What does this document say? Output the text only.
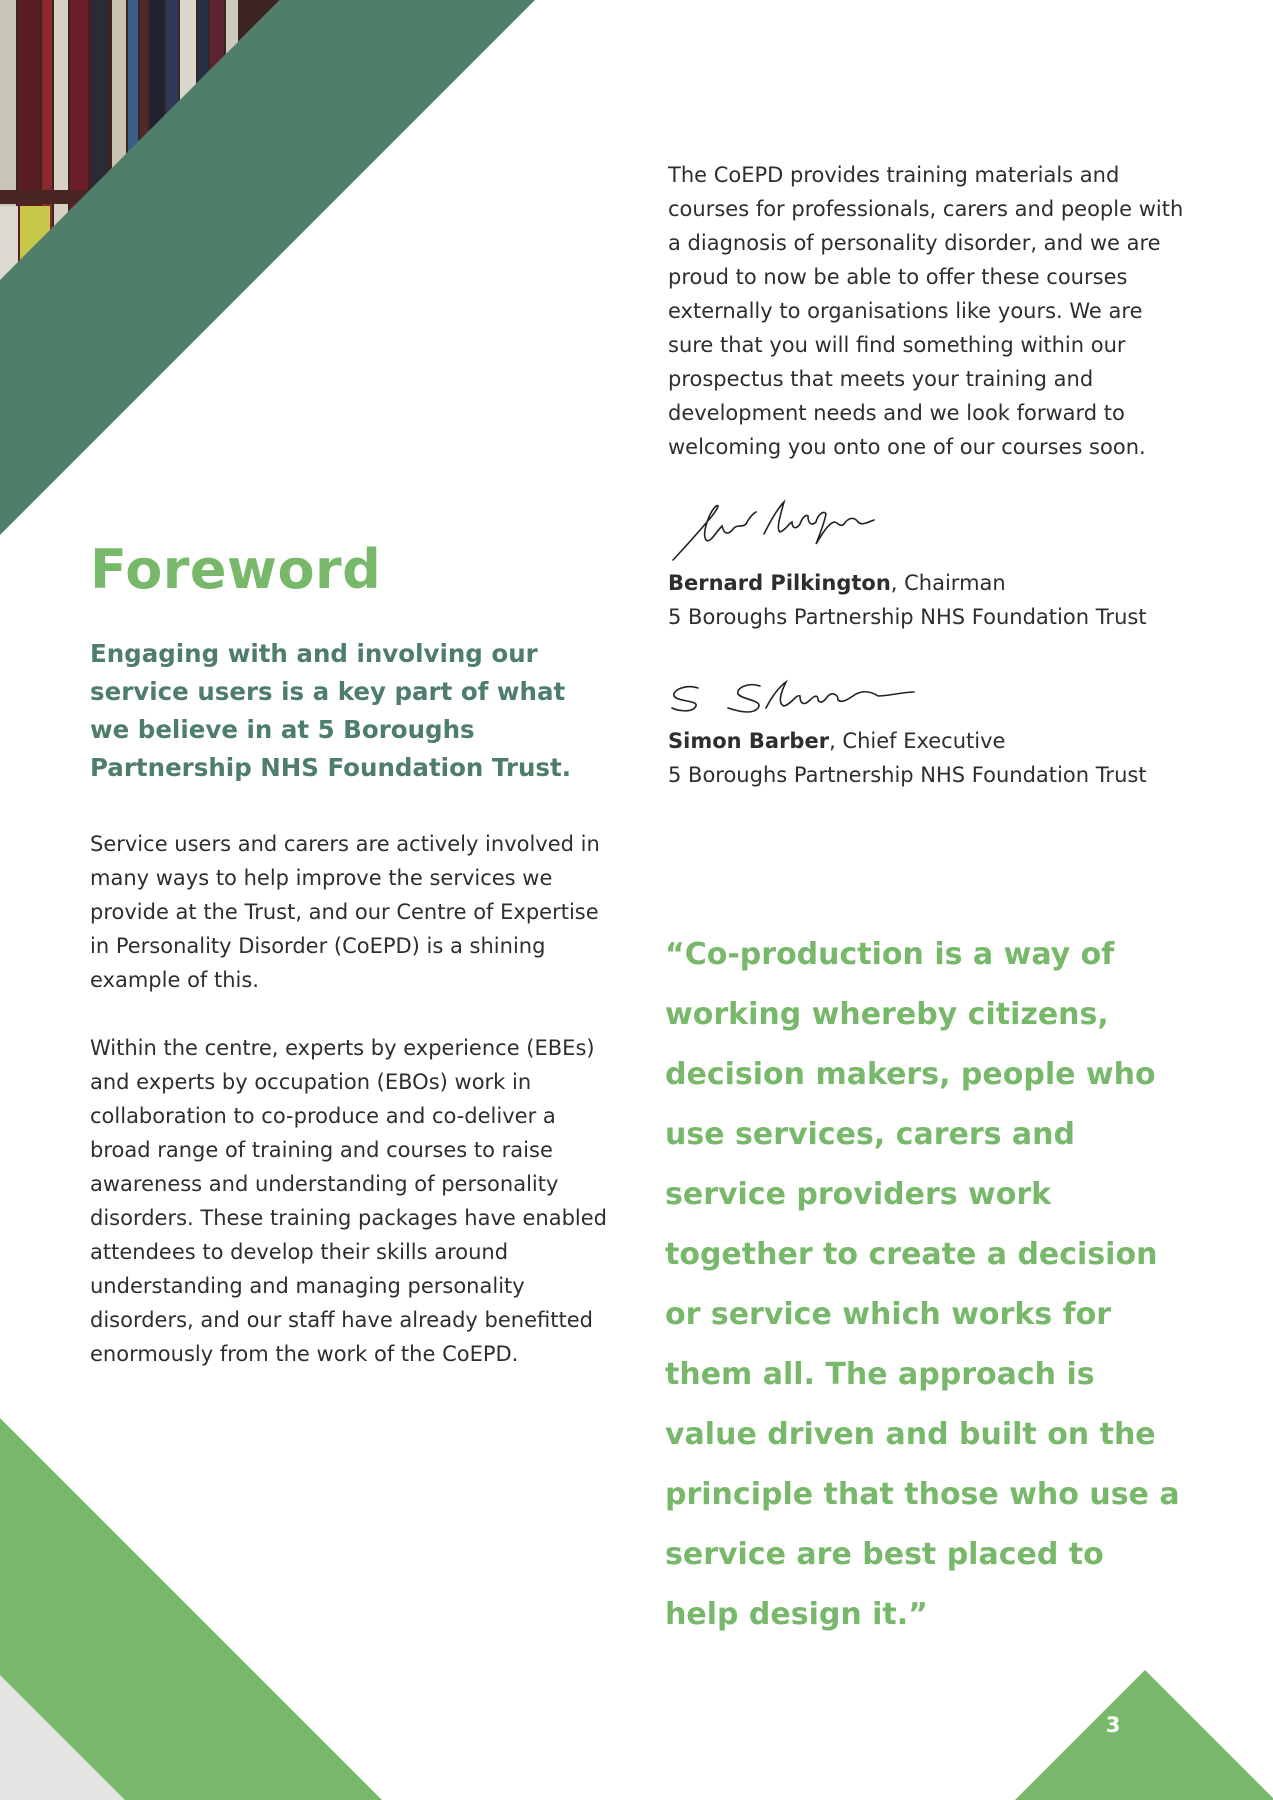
Foreword

Engaging with and involving our service users is a key part of what we believe in at 5 Boroughs Partnership NHS Foundation Trust.

Service users and carers are actively involved in many ways to help improve the services we provide at the Trust, and our Centre of Expertise in Personality Disorder (CoEPD) is a shining example of this.

Within the centre, experts by experience (EBEs) and experts by occupation (EBOs) work in collaboration to co-produce and co-deliver a broad range of training and courses to raise awareness and understanding of personality disorders. These training packages have enabled attendees to develop their skills around understanding and managing personality disorders, and our staff have already benefitted enormously from the work of the CoEPD.

The CoEPD provides training materials and courses for professionals, carers and people with a diagnosis of personality disorder, and we are proud to now be able to offer these courses externally to organisations like yours. We are sure that you will find something within our prospectus that meets your training and development needs and we look forward to welcoming you onto one of our courses soon.

Bernard Pilkington, Chairman
5 Boroughs Partnership NHS Foundation Trust
Simon Barber, Chief Executive
5 Boroughs Partnership NHS Foundation Trust

“Co-production is a way of working whereby citizens, decision makers, people who use services, carers and service providers work together to create a decision or service which works for them all. The approach is value driven and built on the principle that those who use a service are best placed to help design it.”

3
